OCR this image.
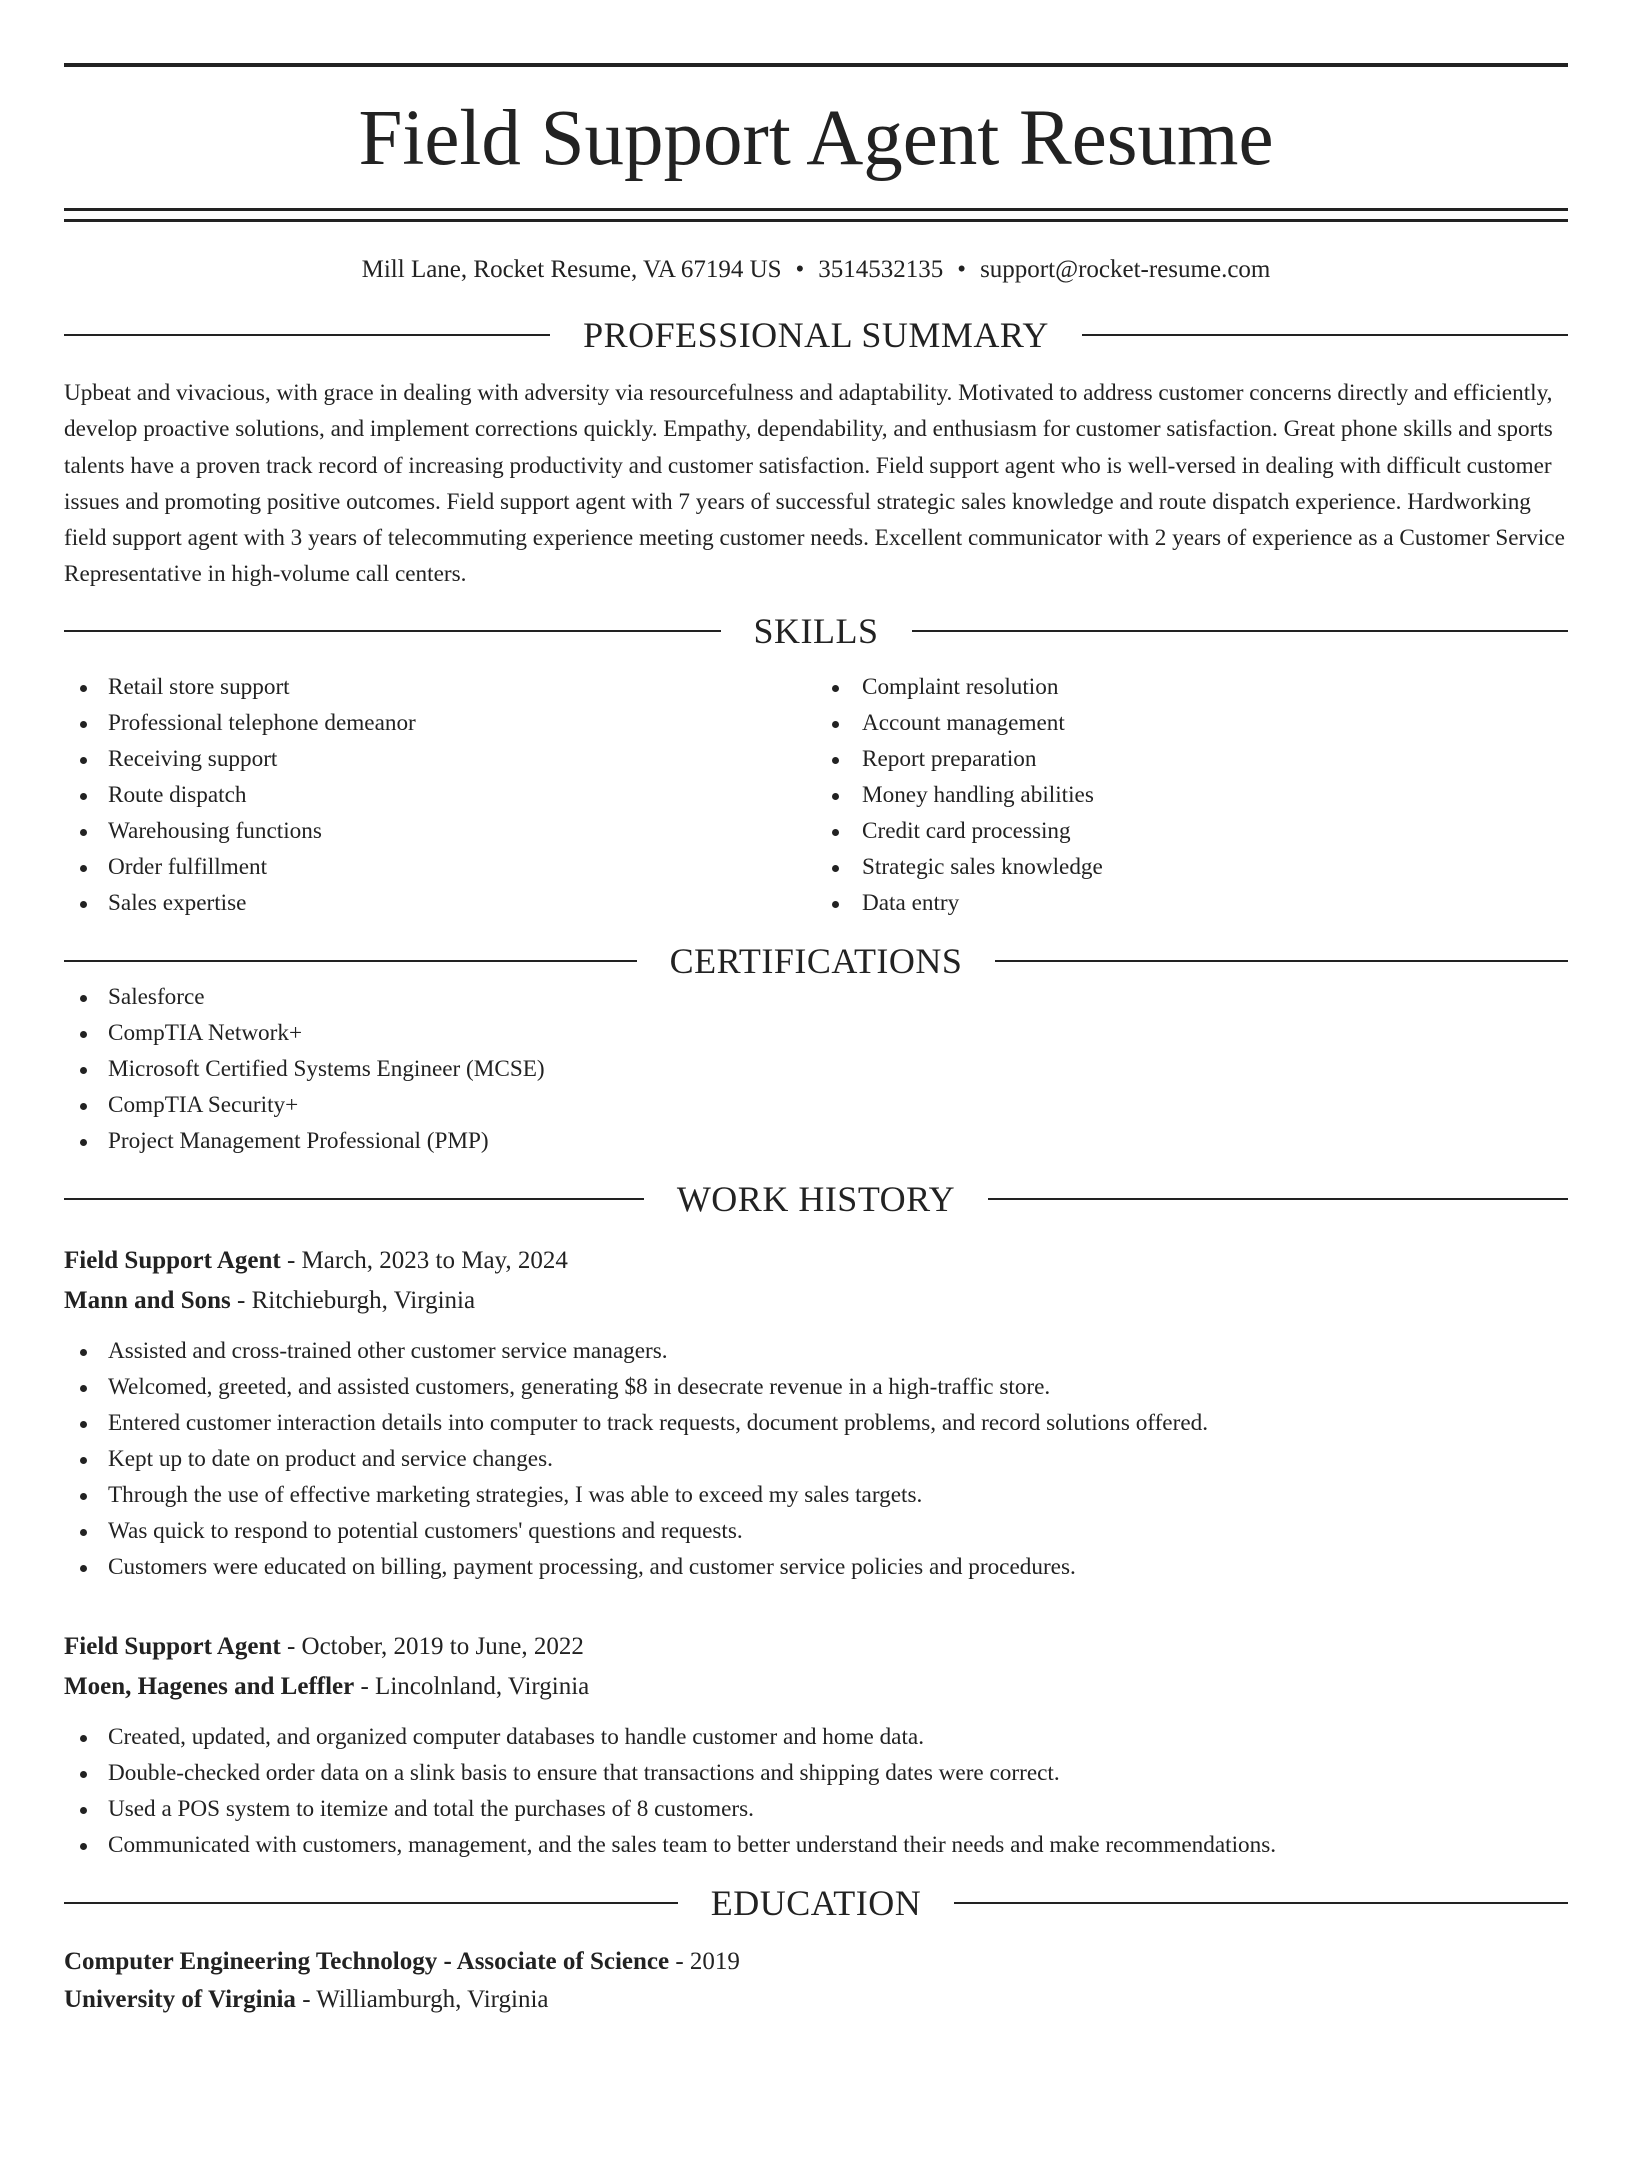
Field Support Agent Resume
Mill Lane, Rocket Resume, VA 67194 US • 3514532135 • support@rocket-resume.com
PROFESSIONAL SUMMARY

Upbeat and vivacious, with grace in dealing with adversity via resourcefulness and adaptability. Motivated to address customer concerns directly and efficiently, develop proactive solutions, and implement corrections quickly. Empathy, dependability, and enthusiasm for customer satisfaction. Great phone skills and sports talents have a proven track record of increasing productivity and customer satisfaction. Field support agent who is well-versed in dealing with difficult customer issues and promoting positive outcomes. Field support agent with 7 years of successful strategic sales knowledge and route dispatch experience. Hardworking field support agent with 3 years of telecommuting experience meeting customer needs. Excellent communicator with 2 years of experience as a Customer Service Representative in high-volume call centers.

SKILLS
Retail store support
Professional telephone demeanor
Receiving support
Route dispatch
Warehousing functions
Order fulfillment
Sales expertise
Complaint resolution
Account management
Report preparation
Money handling abilities
Credit card processing
Strategic sales knowledge
Data entry
CERTIFICATIONS
Salesforce
CompTIA Network+
Microsoft Certified Systems Engineer (MCSE)
CompTIA Security+
Project Management Professional (PMP)
WORK HISTORY
Field Support Agent - March, 2023 to May, 2024
Mann and Sons - Ritchieburgh, Virginia
Assisted and cross-trained other customer service managers.
Welcomed, greeted, and assisted customers, generating $8 in desecrate revenue in a high-traffic store.
Entered customer interaction details into computer to track requests, document problems, and record solutions offered.
Kept up to date on product and service changes.
Through the use of effective marketing strategies, I was able to exceed my sales targets.
Was quick to respond to potential customers' questions and requests.
Customers were educated on billing, payment processing, and customer service policies and procedures.
Field Support Agent - October, 2019 to June, 2022
Moen, Hagenes and Leffler - Lincolnland, Virginia
Created, updated, and organized computer databases to handle customer and home data.
Double-checked order data on a slink basis to ensure that transactions and shipping dates were correct.
Used a POS system to itemize and total the purchases of 8 customers.
Communicated with customers, management, and the sales team to better understand their needs and make recommendations.
EDUCATION
Computer Engineering Technology - Associate of Science - 2019
University of Virginia - Williamburgh, Virginia
